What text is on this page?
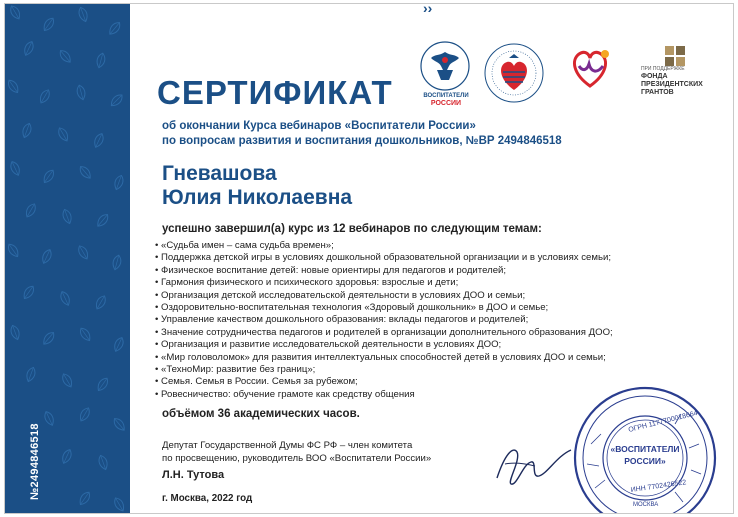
№2494846518
››
ВОСПИТАТЕЛИ
РОССИИ
ПРИ ПОДДЕРЖКЕ
ФОНДА
ПРЕЗИДЕНТСКИХ
ГРАНТОВ
СЕРТИФИКАТ
об окончании Курса вебинаров «Воспитатели России»
по вопросам развития и воспитания дошкольников, №ВР 2494846518
Гневашова
Юлия Николаевна
успешно завершил(а) курс из 12 вебинаров по следующим темам:
• «Судьба имен – сама судьба времен»;
• Поддержка детской игры в условиях дошкольной образовательной организации и в условиях семьи;
• Физическое воспитание детей: новые ориентиры для педагогов и родителей;
• Гармония физического и психического здоровья: взрослые и дети;
• Организация детской исследовательской деятельности в условиях ДОО и семьи;
• Оздоровительно-воспитательная технология «Здоровый дошкольник» в ДОО и семье;
• Управление качеством дошкольного образования: вклады педагогов и родителей;
• Значение сотрудничества педагогов и родителей в организации дополнительного образования ДОО;
• Организация и развитие исследовательской деятельности в условиях ДОО;
• «Мир головоломок» для развития интеллектуальных способностей детей в условиях ДОО и семьи;
• «ТехноМир: развитие без границ»;
• Семья. Семья в России. Семья за рубежом;
• Ровесничество: обучение грамоте как средству общения
объёмом 36 академических часов.
Депутат Государственной Думы ФС РФ – член комитета
по просвещению, руководитель ВОО «Воспитатели России»
Л.Н. Тутова
г. Москва, 2022 год
«ВОСПИТАТЕЛИ
РОССИИ»
ОГРН 1177700018664
ИНН 7702426522
МОСКВА
